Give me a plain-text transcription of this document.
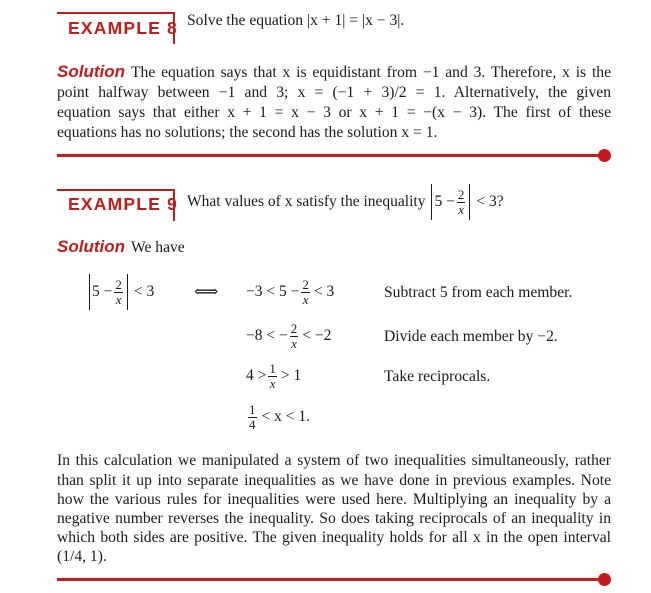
EXAMPLE 8 Solve the equation |x + 1| = |x − 3|.
Solution The equation says that x is equidistant from −1 and 3. Therefore, x is the
point halfway between −1 and 3; x = (−1 + 3)/2 = 1. Alternatively, the given
equation says that either x + 1 = x − 3 or x + 1 = −(x − 3). The first of these
equations has no solutions; the second has the solution x = 1.
EXAMPLE 9 What values of x satisfy the inequality $5 - \frac{2}{x} < 3$?
Solution We have
$5 - \frac{2}{x} < 3$ ⟺ $-3 < 5 - \frac{2}{x} < 3$	Subtract 5 from each member.
−8 < − $\frac{2}{x} < -2$	Divide each member by −2.
$4 > \frac{1}{x} > 1$	Take reciprocals.
$\frac{1}{4} < x < 1$.
In this calculation we manipulated a system of two inequalities simultaneously, rather
than split it up into separate inequalities as we have done in previous examples. Note
how the various rules for inequalities were used here. Multiplying an inequality by a
negative number reverses the inequality. So does taking reciprocals of an inequality in
which both sides are positive. The given inequality holds for all x in the open interval
(1/4, 1).
